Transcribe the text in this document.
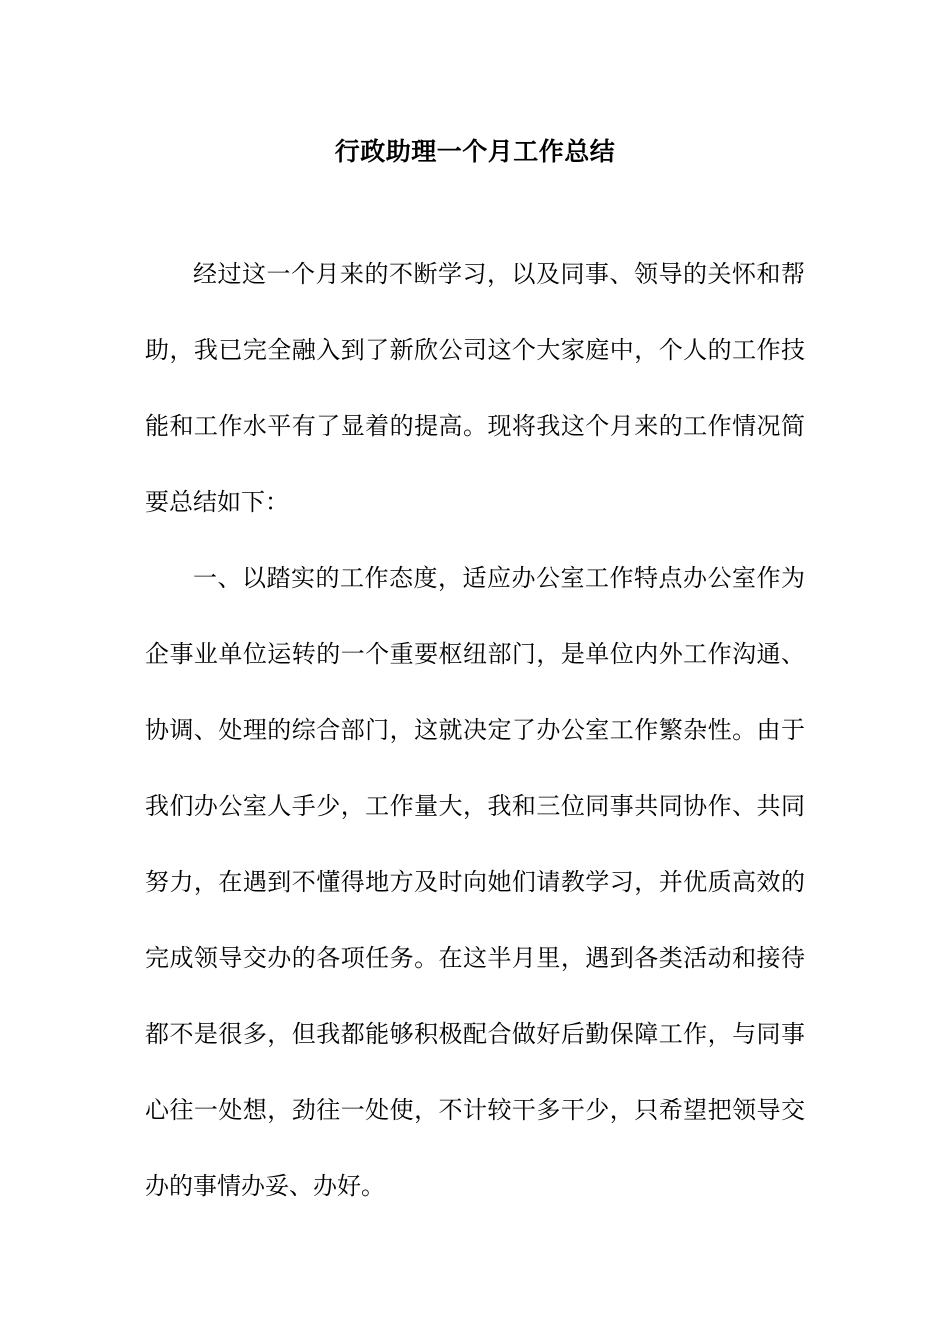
行政助理一个月工作总结

经过这一个月来的不断学习，以及同事、领导的关怀和帮助，我已完全融入到了新欣公司这个大家庭中，个人的工作技能和工作水平有了显着的提高。现将我这个月来的工作情况简要总结如下：

一、以踏实的工作态度，适应办公室工作特点办公室作为企事业单位运转的一个重要枢纽部门，是单位内外工作沟通、协调、处理的综合部门，这就决定了办公室工作繁杂性。由于我们办公室人手少，工作量大，我和三位同事共同协作、共同努力，在遇到不懂得地方及时向她们请教学习，并优质高效的完成领导交办的各项任务。在这半月里，遇到各类活动和接待都不是很多，但我都能够积极配合做好后勤保障工作，与同事心往一处想，劲往一处使，不计较干多干少，只希望把领导交办的事情办妥、办好。
